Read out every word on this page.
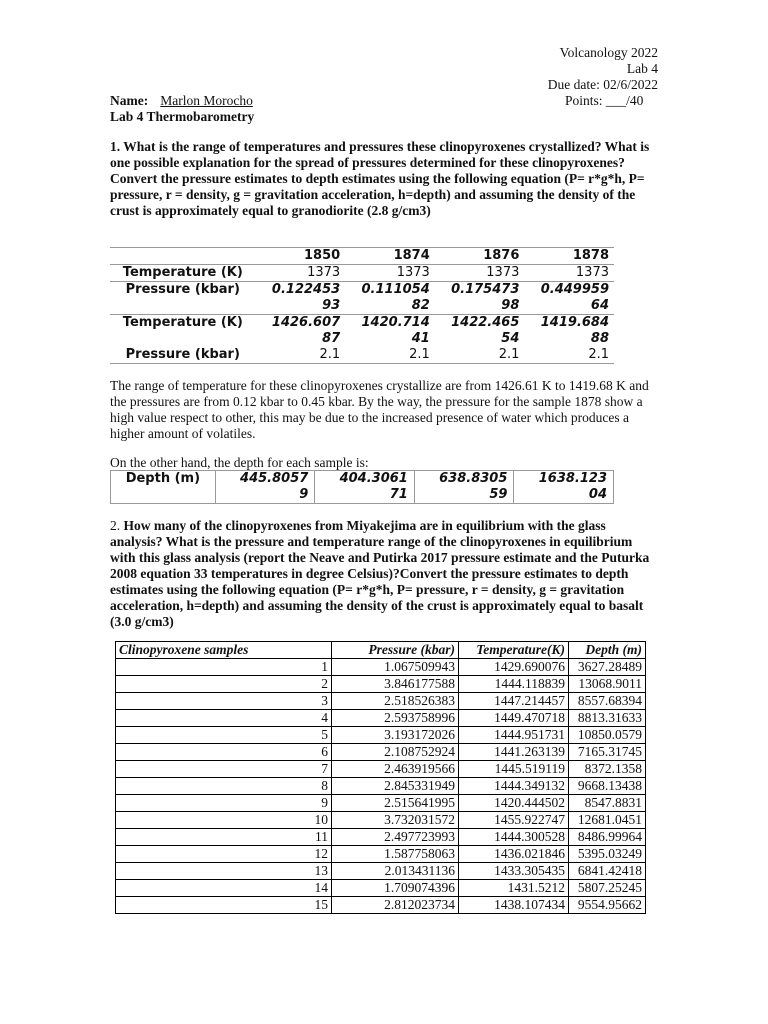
Volcanology 2022
Lab 4
Due date: 02/6/2022
Name: Marlon Morocho	Points: ___/40
Lab 4 Thermobarometry
1. What is the range of temperatures and pressures these clinopyroxenes crystallized? What is one possible explanation for the spread of pressures determined for these clinopyroxenes? Convert the pressure estimates to depth estimates using the following equation (P= r*g*h, P= pressure, r = density, g = gravitation acceleration, h=depth) and assuming the density of the crust is approximately equal to granodiorite (2.8 g/cm3)
	1850	1874	1876	1878
Temperature (K)	1373	1373	1373	1373
Pressure (kbar)	0.12245393	0.11105482	0.17547398	0.44995964
Temperature (K)	1426.60787	1420.71441	1422.46554	1419.68488
Pressure (kbar)	2.1	2.1	2.1	2.1
The range of temperature for these clinopyroxenes crystallize are from 1426.61 K to 1419.68 K and the pressures are from 0.12 kbar to 0.45 kbar. By the way, the pressure for the sample 1878 show a high value respect to other, this may be due to the increased presence of water which produces a higher amount of volatiles.
On the other hand, the depth for each sample is:
Depth (m)	445.80579	404.306171	638.830559	1638.12304
2. How many of the clinopyroxenes from Miyakejima are in equilibrium with the glass analysis? What is the pressure and temperature range of the clinopyroxenes in equilibrium with this glass analysis (report the Neave and Putirka 2017 pressure estimate and the Puturka 2008 equation 33 temperatures in degree Celsius)?Convert the pressure estimates to depth estimates using the following equation (P= r*g*h, P= pressure, r = density, g = gravitation acceleration, h=depth) and assuming the density of the crust is approximately equal to basalt (3.0 g/cm3)
Clinopyroxene samples	Pressure (kbar)	Temperature(K)	Depth (m)
1	1.067509943	1429.690076	3627.28489
2	3.846177588	1444.118839	13068.9011
3	2.518526383	1447.214457	8557.68394
4	2.593758996	1449.470718	8813.31633
5	3.193172026	1444.951731	10850.0579
6	2.108752924	1441.263139	7165.31745
7	2.463919566	1445.519119	8372.1358
8	2.845331949	1444.349132	9668.13438
9	2.515641995	1420.444502	8547.8831
10	3.732031572	1455.922747	12681.0451
11	2.497723993	1444.300528	8486.99964
12	1.587758063	1436.021846	5395.03249
13	2.013431136	1433.305435	6841.42418
14	1.709074396	1431.5212	5807.25245
15	2.812023734	1438.107434	9554.95662
